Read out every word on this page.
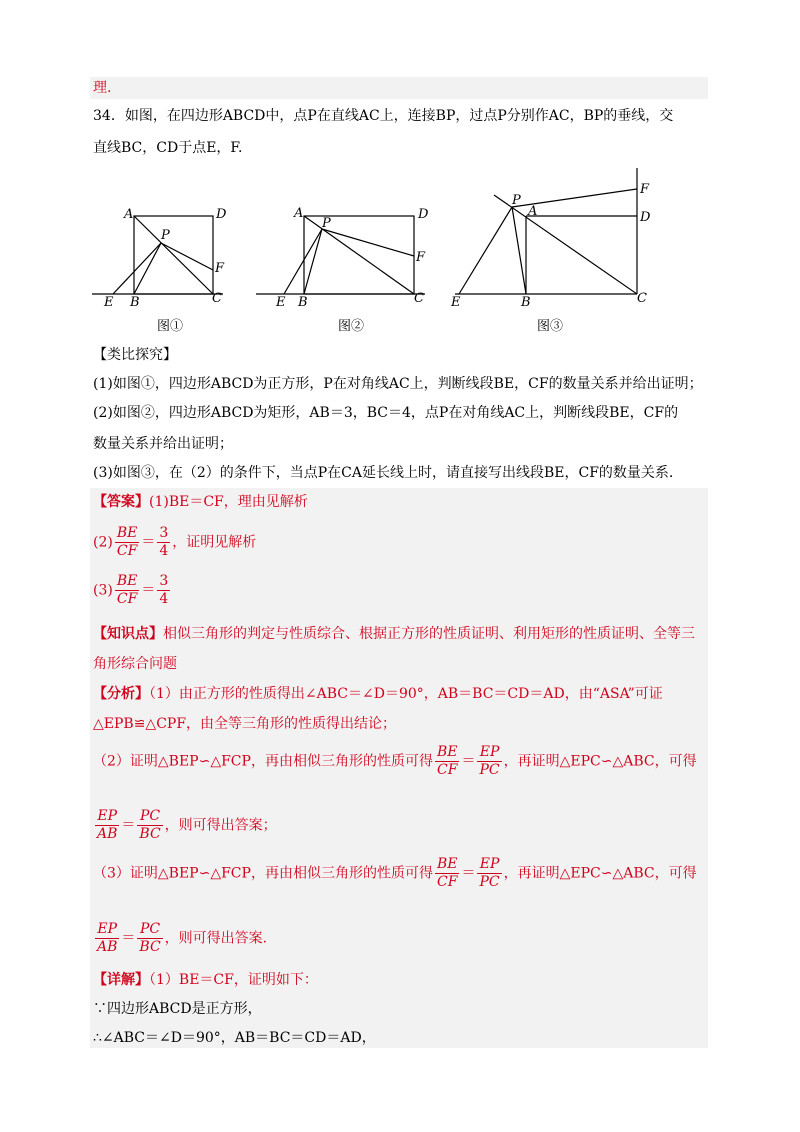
理.
34．如图，在四边形ABCD中，点P在直线AC上，连接BP，过点P分别作AC，BP的垂线，交
直线BC，CD于点E，F.
A	D
P
F
E B	C
A	D
P
F
E B	C
P
A
F
D
E	B	C
图①	图②	图③
【类比探究】
(1)如图①，四边形ABCD为正方形，P在对角线AC上，判断线段BE，CF的数量关系并给出证明；
(2)如图②，四边形ABCD为矩形，AB＝3，BC＝4，点P在对角线AC上，判断线段BE，CF的
数量关系并给出证明；
(3)如图③，在（2）的条件下，当点P在CA延长线上时，请直接写出线段BE，CF的数量关系.
【答案】(1)BE＝CF，理由见解析
$(2) \frac{BE}{CF} = \frac{3}{4}$ ，证明见解析
$(3) \frac{BE}{CF} = \frac{3}{4}$
【知识点】相似三角形的判定与性质综合、根据正方形的性质证明、利用矩形的性质证明、全等三
角形综合问题
【分析】（1）由正方形的性质得出∠ABC＝∠D＝90°，AB＝BC＝CD＝AD，由“ASA”可证
△EPB≌△CPF，由全等三角形的性质得出结论；
（2）证明△BEP∽△FCP，再由相似三角形的性质可得 $\frac{BE}{CF} = \frac{EP}{PC}$ ，再证明△EPC∽△ABC，可得
$\frac{EP}{AB} = \frac{PC}{BC}$ ，则可得出答案；
（3）证明△BEP∽△FCP，再由相似三角形的性质可得 $\frac{BE}{CF} = \frac{EP}{PC}$ ，再证明△EPC∽△ABC，可得
$\frac{EP}{AB} = \frac{PC}{BC}$ ，则可得出答案.
【详解】（1）BE＝CF，证明如下：
∵四边形ABCD是正方形，
∴∠ABC＝∠D＝90°，AB＝BC＝CD＝AD，
